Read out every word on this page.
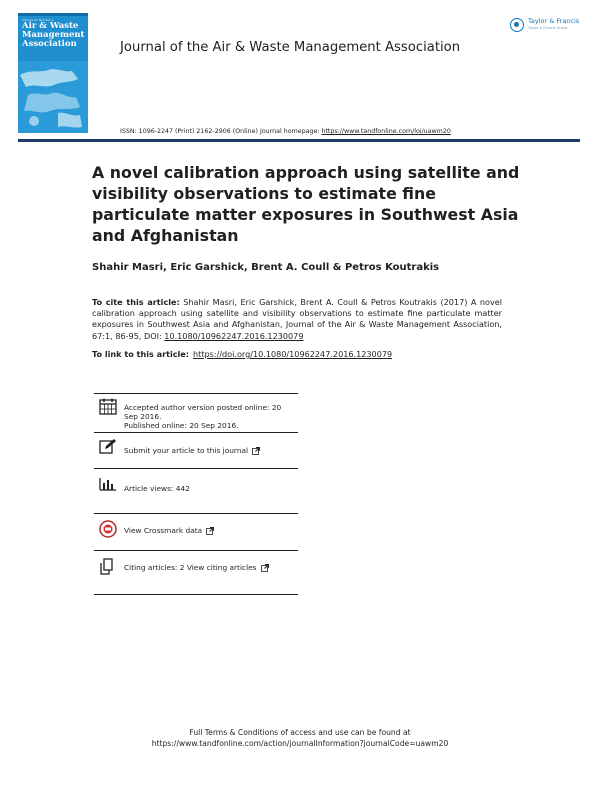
Volume 67 Number 1
Air & Waste
Management
Association
Taylor & Francis
Taylor & Francis Group
Journal of the Air & Waste Management Association
ISSN: 1096-2247 (Print) 2162-2906 (Online) Journal homepage: https://www.tandfonline.com/loi/uawm20
A novel calibration approach using satellite and visibility observations to estimate fine particulate matter exposures in Southwest Asia and Afghanistan
Shahir Masri, Eric Garshick, Brent A. Coull & Petros Koutrakis
To cite this article: Shahir Masri, Eric Garshick, Brent A. Coull & Petros Koutrakis (2017) A novel calibration approach using satellite and visibility observations to estimate fine particulate matter exposures in Southwest Asia and Afghanistan, Journal of the Air & Waste Management Association, 67:1, 86-95, DOI: 10.1080/10962247.2016.1230079
To link to this article: https://doi.org/10.1080/10962247.2016.1230079
Accepted author version posted online: 20
Sep 2016.
Published online: 20 Sep 2016.
Submit your article to this journal
Article views: 442
View Crossmark data
Citing articles: 2 View citing articles
Full Terms & Conditions of access and use can be found at
https://www.tandfonline.com/action/journalInformation?journalCode=uawm20
